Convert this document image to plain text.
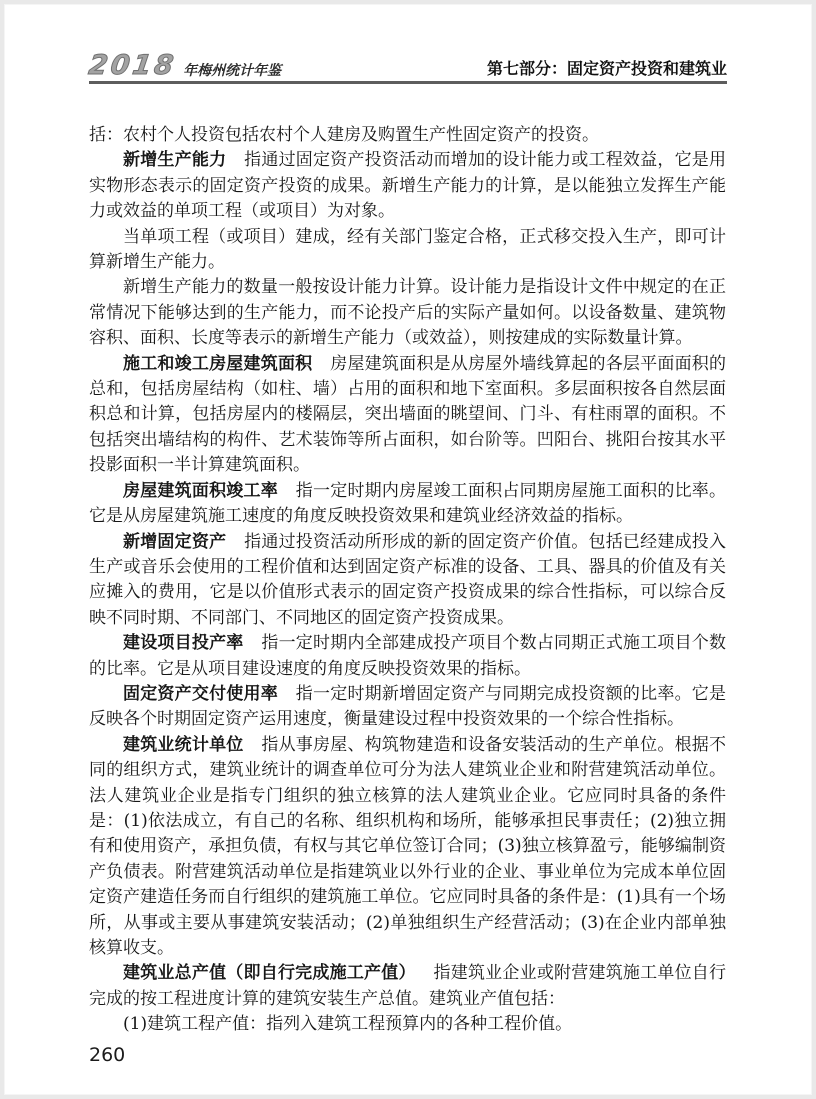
2018 年梅州统计年鉴	第七部分：固定资产投资和建筑业

括：农村个人投资包括农村个人建房及购置生产性固定资产的投资。

新增生产能力 指通过固定资产投资活动而增加的设计能力或工程效益，它是用实物形态表示的固定资产投资的成果。新增生产能力的计算，是以能独立发挥生产能力或效益的单项工程（或项目）为对象。

当单项工程（或项目）建成，经有关部门鉴定合格，正式移交投入生产，即可计算新增生产能力。

新增生产能力的数量一般按设计能力计算。设计能力是指设计文件中规定的在正常情况下能够达到的生产能力，而不论投产后的实际产量如何。以设备数量、建筑物容积、面积、长度等表示的新增生产能力（或效益），则按建成的实际数量计算。

施工和竣工房屋建筑面积 房屋建筑面积是从房屋外墙线算起的各层平面面积的总和，包括房屋结构（如柱、墙）占用的面积和地下室面积。多层面积按各自然层面积总和计算，包括房屋内的楼隔层，突出墙面的眺望间、门斗、有柱雨罩的面积。不包括突出墙结构的构件、艺术装饰等所占面积，如台阶等。凹阳台、挑阳台按其水平投影面积一半计算建筑面积。

房屋建筑面积竣工率 指一定时期内房屋竣工面积占同期房屋施工面积的比率。它是从房屋建筑施工速度的角度反映投资效果和建筑业经济效益的指标。

新增固定资产 指通过投资活动所形成的新的固定资产价值。包括已经建成投入生产或音乐会使用的工程价值和达到固定资产标准的设备、工具、器具的价值及有关应摊入的费用，它是以价值形式表示的固定资产投资成果的综合性指标，可以综合反映不同时期、不同部门、不同地区的固定资产投资成果。

建设项目投产率 指一定时期内全部建成投产项目个数占同期正式施工项目个数的比率。它是从项目建设速度的角度反映投资效果的指标。

固定资产交付使用率 指一定时期新增固定资产与同期完成投资额的比率。它是反映各个时期固定资产运用速度，衡量建设过程中投资效果的一个综合性指标。

建筑业统计单位 指从事房屋、构筑物建造和设备安装活动的生产单位。根据不同的组织方式，建筑业统计的调查单位可分为法人建筑业企业和附营建筑活动单位。法人建筑业企业是指专门组织的独立核算的法人建筑业企业。它应同时具备的条件是：(1)依法成立，有自己的名称、组织机构和场所，能够承担民事责任；(2)独立拥有和使用资产，承担负债，有权与其它单位签订合同；(3)独立核算盈亏，能够编制资产负债表。附营建筑活动单位是指建筑业以外行业的企业、事业单位为完成本单位固定资产建造任务而自行组织的建筑施工单位。它应同时具备的条件是：(1)具有一个场所，从事或主要从事建筑安装活动；(2)单独组织生产经营活动；(3)在企业内部单独核算收支。

建筑业总产值（即自行完成施工产值） 指建筑业企业或附营建筑施工单位自行完成的按工程进度计算的建筑安装生产总值。建筑业产值包括：

(1)建筑工程产值：指列入建筑工程预算内的各种工程价值。

260
